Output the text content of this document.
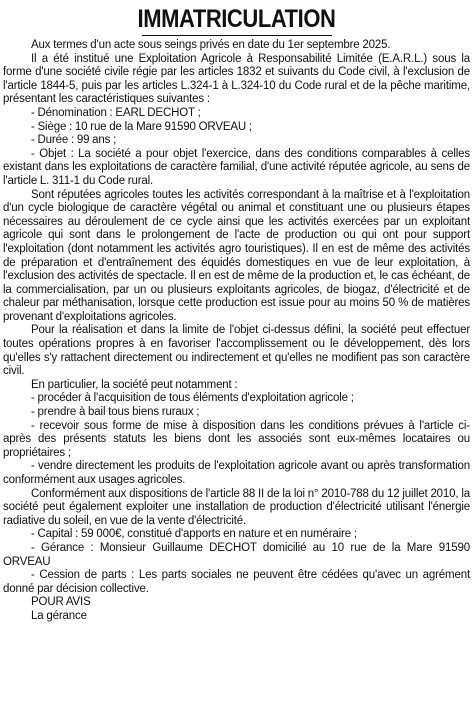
IMMATRICULATION

Aux termes d'un acte sous seings privés en date du 1er septembre 2025.

Il a été institué une Exploitation Agricole à Responsabilité Limitée (E.A.R.L.) sous la forme d'une société civile régie par les articles 1832 et suivants du Code civil, à l'exclusion de l'article 1844-5, puis par les articles L.324-1 à L.324-10 du Code rural et de la pêche maritime, présentant les caractéristiques suivantes :

- Dénomination : EARL DECHOT ;

- Siège : 10 rue de la Mare 91590 ORVEAU ;

- Durée : 99 ans ;

- Objet : La société a pour objet l'exercice, dans des conditions comparables à celles existant dans les exploitations de caractère familial, d'une activité réputée agricole, au sens de l'article L. 311-1 du Code rural.

Sont réputées agricoles toutes les activités correspondant à la maîtrise et à l'exploitation d'un cycle biologique de caractère végétal ou animal et constituant une ou plusieurs étapes nécessaires au déroulement de ce cycle ainsi que les activités exercées par un exploitant agricole qui sont dans le prolongement de l'acte de production ou qui ont pour support l'exploitation (dont notamment les activités agro touristiques). Il en est de même des activités de préparation et d'entraînement des équidés domestiques en vue de leur exploitation, à l'exclusion des activités de spectacle. Il en est de même de la production et, le cas échéant, de la commercialisation, par un ou plusieurs exploitants agricoles, de biogaz, d'électricité et de chaleur par méthanisation, lorsque cette production est issue pour au moins 50 % de matières provenant d'exploitations agricoles.

Pour la réalisation et dans la limite de l'objet ci-dessus défini, la société peut effectuer toutes opérations propres à en favoriser l'accomplissement ou le développement, dès lors qu'elles s'y rattachent directement ou indirectement et qu'elles ne modifient pas son caractère civil.

En particulier, la société peut notamment :

- procéder à l'acquisition de tous éléments d'exploitation agricole ;

- prendre à bail tous biens ruraux ;

- recevoir sous forme de mise à disposition dans les conditions prévues à l'article ci-après des présents statuts les biens dont les associés sont eux-mêmes locataires ou propriétaires ;

- vendre directement les produits de l'exploitation agricole avant ou après transformation conformément aux usages agricoles.

Conformément aux dispositions de l'article 88 II de la loi n° 2010-788 du 12 juillet 2010, la société peut également exploiter une installation de production d'électricité utilisant l'énergie radiative du soleil, en vue de la vente d'électricité.

- Capital : 59 000€, constitué d'apports en nature et en numéraire ;

- Gérance : Monsieur Guillaume DECHOT domicilié au 10 rue de la Mare 91590 ORVEAU

- Cession de parts : Les parts sociales ne peuvent être cédées qu'avec un agrément donné par décision collective.

POUR AVIS

La gérance
